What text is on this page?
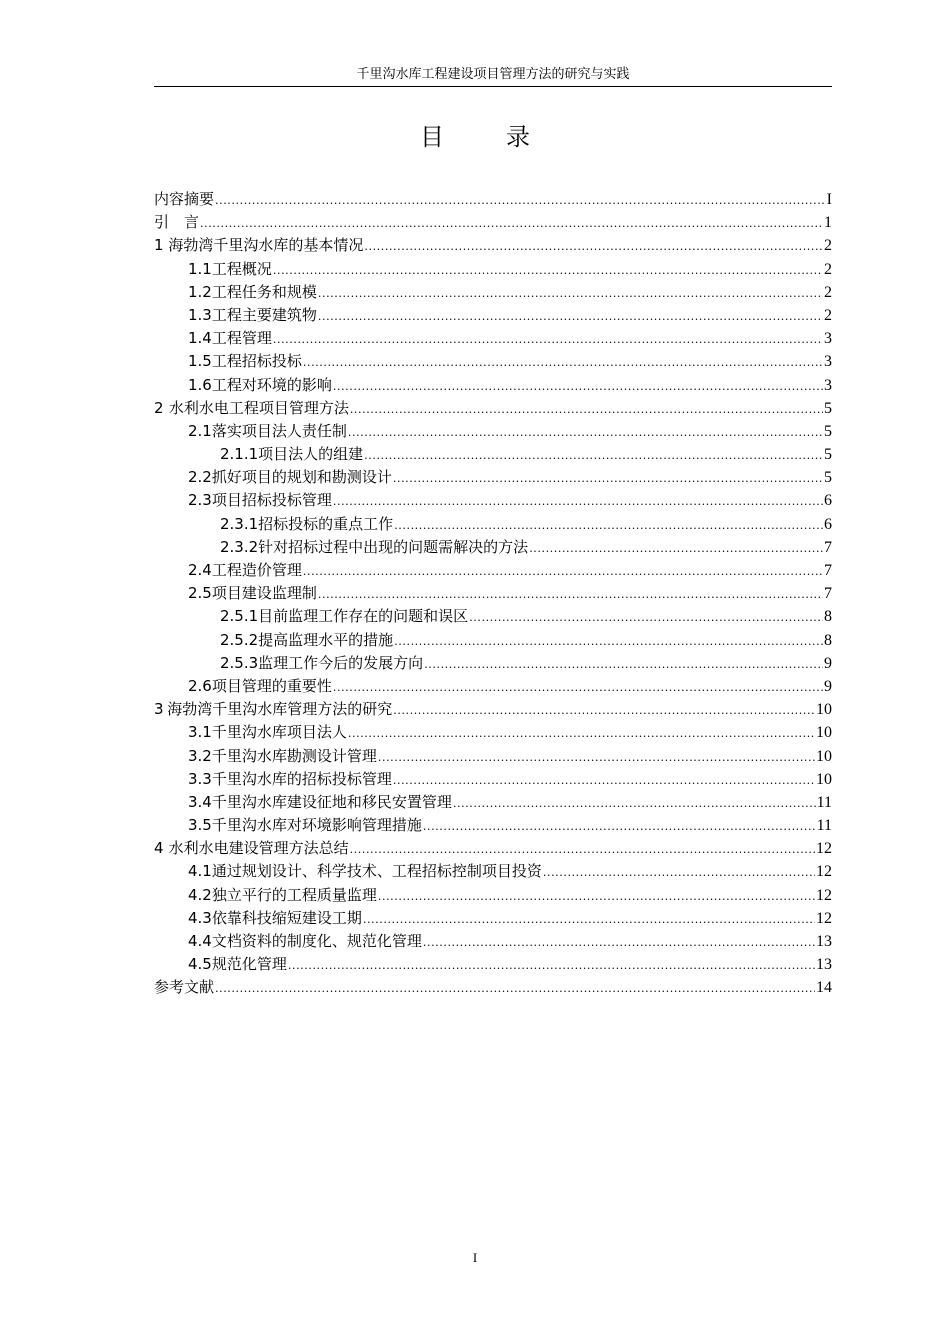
千里沟水库工程建设项目管理方法的研究与实践
目录
内容摘要 .....	I
引　言 .....	1
1 海勃湾千里沟水库的基本情况 .....	2
1.1 工程概况 .....	2
1.2 工程任务和规模 .....	2
1.3 工程主要建筑物 .....	2
1.4 工程管理 .....	3
1.5 工程招标投标 .....	3
1.6 工程对环境的影响 .....	3
2 水利水电工程项目管理方法 .....	5
2.1 落实项目法人责任制 .....	5
2.1.1 项目法人的组建 .....	5
2.2 抓好项目的规划和勘测设计 .....	5
2.3 项目招标投标管理 .....	6
2.3.1 招标投标的重点工作 .....	6
2.3.2 针对招标过程中出现的问题需解决的方法 .....	7
2.4 工程造价管理 .....	7
2.5 项目建设监理制 .....	7
2.5.1 目前监理工作存在的问题和误区 .....	8
2.5.2 提高监理水平的措施 .....	8
2.5.3 监理工作今后的发展方向 .....	9
2.6 项目管理的重要性 .....	9
3 海勃湾千里沟水库管理方法的研究 .....	10
3.1 千里沟水库项目法人 .....	10
3.2 千里沟水库勘测设计管理 .....	10
3.3 千里沟水库的招标投标管理 .....	10
3.4 千里沟水库建设征地和移民安置管理 .....	11
3.5 千里沟水库对环境影响管理措施 .....	11
4 水利水电建设管理方法总结 .....	12
4.1 通过规划设计、科学技术、工程招标控制项目投资 .....	12
4.2 独立平行的工程质量监理 .....	12
4.3 依靠科技缩短建设工期 .....	12
4.4 文档资料的制度化、规范化管理 .....	13
4.5 规范化管理 .....	13
参考文献 .....	14
I
